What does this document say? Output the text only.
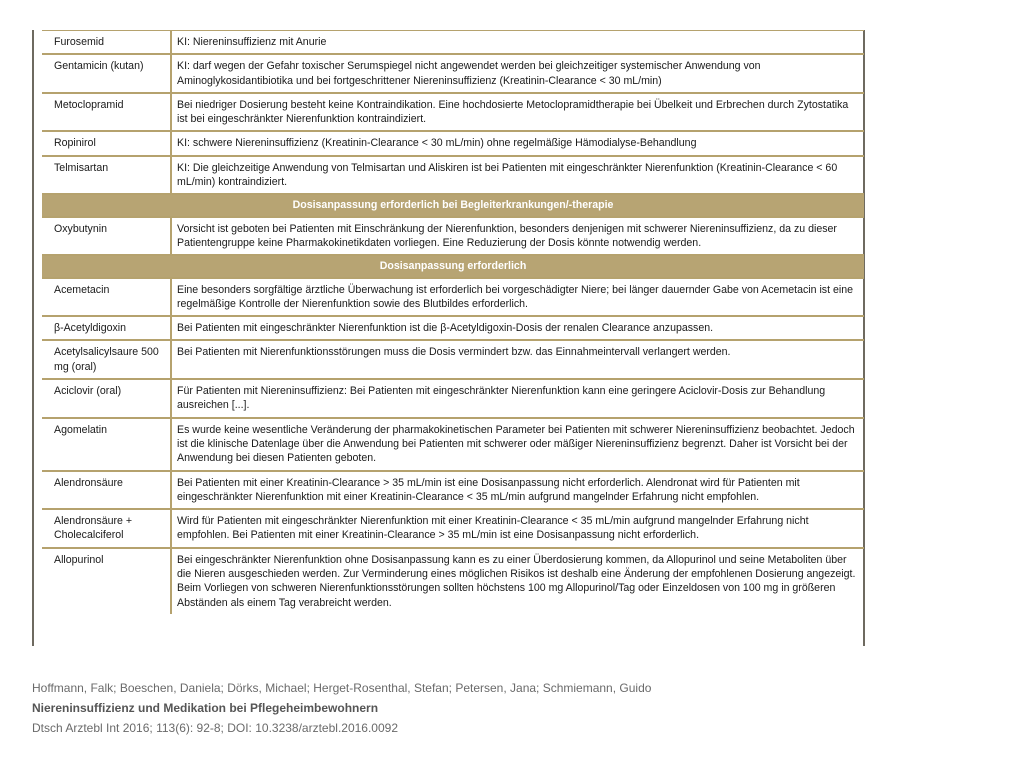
Furosemid	KI: Niereninsuffizienz mit Anurie
Gentamicin (kutan)	KI: darf wegen der Gefahr toxischer Serumspiegel nicht angewendet werden bei gleichzeitiger systemischer Anwendung von Aminoglykosidantibiotika und bei fortgeschrittener Niereninsuffizienz (Kreatinin-Clearance < 30 mL/min)
Metoclopramid	Bei niedriger Dosierung besteht keine Kontraindikation. Eine hochdosierte Metoclopramidtherapie bei Übelkeit und Erbrechen durch Zytostatika ist bei eingeschränkter Nierenfunktion kontraindiziert.
Ropinirol	KI: schwere Niereninsuffizienz (Kreatinin-Clearance < 30 mL/min) ohne regelmäßige Hämodialyse-Behandlung
Telmisartan	KI: Die gleichzeitige Anwendung von Telmisartan und Aliskiren ist bei Patienten mit eingeschränkter Nierenfunktion (Kreatinin-Clearance < 60 mL/min) kontraindiziert.
Dosisanpassung erforderlich bei Begleiterkrankungen/-therapie	
Oxybutynin	Vorsicht ist geboten bei Patienten mit Einschränkung der Nierenfunktion, besonders denjenigen mit schwerer Niereninsuffizienz, da zu dieser Patientengruppe keine Pharmakokinetikdaten vorliegen. Eine Reduzierung der Dosis könnte notwendig werden.
Dosisanpassung erforderlich	
Acemetacin	Eine besonders sorgfältige ärztliche Überwachung ist erforderlich bei vorgeschädigter Niere; bei länger dauernder Gabe von Acemetacin ist eine regelmäßige Kontrolle der Nierenfunktion sowie des Blutbildes erforderlich.
β-Acetyldigoxin	Bei Patienten mit eingeschränkter Nierenfunktion ist die β-Acetyldigoxin-Dosis der renalen Clearance anzupassen.
Acetylsalicylsaure 500 mg (oral)	Bei Patienten mit Nierenfunktionsstörungen muss die Dosis vermindert bzw. das Einnahmeintervall verlangert werden.
Aciclovir (oral)	Für Patienten mit Niereninsuffizienz: Bei Patienten mit eingeschränkter Nierenfunktion kann eine geringere Aciclovir-Dosis zur Behandlung ausreichen [...].
Agomelatin	Es wurde keine wesentliche Veränderung der pharmakokinetischen Parameter bei Patienten mit schwerer Niereninsuffizienz beobachtet. Jedoch ist die klinische Datenlage über die Anwendung bei Patienten mit schwerer oder mäßiger Niereninsuffizienz begrenzt. Daher ist Vorsicht bei der Anwendung bei diesen Patienten geboten.
Alendronsäure	Bei Patienten mit einer Kreatinin-Clearance > 35 mL/min ist eine Dosisanpassung nicht erforderlich. Alendronat wird für Patienten mit eingeschränkter Nierenfunktion mit einer Kreatinin-Clearance < 35 mL/min aufgrund mangelnder Erfahrung nicht empfohlen.
Alendronsäure + Cholecalciferol	Wird für Patienten mit eingeschränkter Nierenfunktion mit einer Kreatinin-Clearance < 35 mL/min aufgrund mangelnder Erfahrung nicht empfohlen. Bei Patienten mit einer Kreatinin-Clearance > 35 mL/min ist eine Dosisanpassung nicht erforderlich.
Allopurinol	Bei eingeschränkter Nierenfunktion ohne Dosisanpassung kann es zu einer Überdosierung kommen, da Allopurinol und seine Metaboliten über die Nieren ausgeschieden werden. Zur Verminderung eines möglichen Risikos ist deshalb eine Änderung der empfohlenen Dosierung angezeigt. Beim Vorliegen von schweren Nierenfunktionsstörungen sollten höchstens 100 mg Allopurinol/Tag oder Einzeldosen von 100 mg in größeren Abständen als einem Tag verabreicht werden.
Hoffmann, Falk; Boeschen, Daniela; Dörks, Michael; Herget-Rosenthal, Stefan; Petersen, Jana; Schmiemann, Guido
Niereninsuffizienz und Medikation bei Pflegeheimbewohnern
Dtsch Arztebl Int 2016; 113(6): 92-8; DOI: 10.3238/arztebl.2016.0092
